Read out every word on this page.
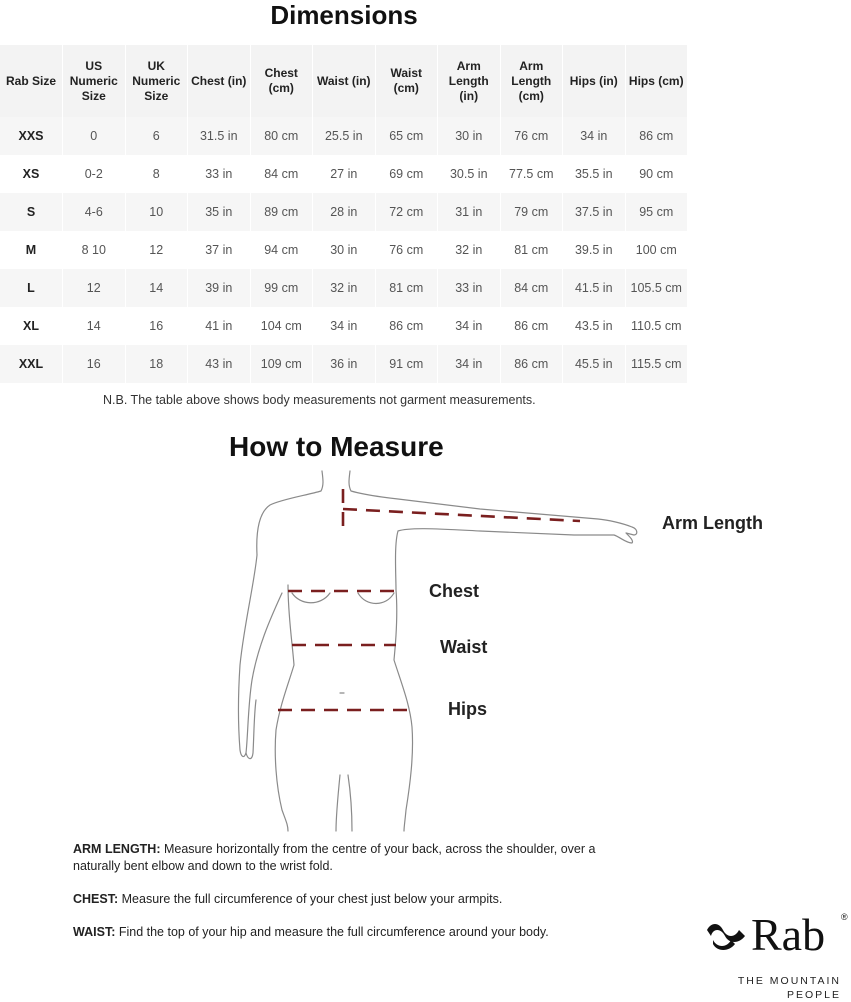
Dimensions
Rab Size	US Numeric Size	UK Numeric Size	Chest (in)	Chest (cm)	Waist (in)	Waist (cm)	Arm Length (in)	Arm Length (cm)	Hips (in)	Hips (cm)
XXS	0	6	31.5 in	80 cm	25.5 in	65 cm	30 in	76 cm	34 in	86 cm
XS	0-2	8	33 in	84 cm	27 in	69 cm	30.5 in	77.5 cm	35.5 in	90 cm
S	4-6	10	35 in	89 cm	28 in	72 cm	31 in	79 cm	37.5 in	95 cm
M	8 10	12	37 in	94 cm	30 in	76 cm	32 in	81 cm	39.5 in	100 cm
L	12	14	39 in	99 cm	32 in	81 cm	33 in	84 cm	41.5 in	105.5 cm
XL	14	16	41 in	104 cm	34 in	86 cm	34 in	86 cm	43.5 in	110.5 cm
XXL	16	18	43 in	109 cm	36 in	91 cm	34 in	86 cm	45.5 in	115.5 cm
N.B. The table above shows body measurements not garment measurements.
How to Measure
Arm Length
Chest
Waist
Hips
ARM LENGTH: Measure horizontally from the centre of your back, across the shoulder, over a naturally bent elbow and down to the wrist fold.
CHEST: Measure the full circumference of your chest just below your armpits.
WAIST: Find the top of your hip and measure the full circumference around your body.	Rab ®
THE MOUNTAIN PEOPLE
